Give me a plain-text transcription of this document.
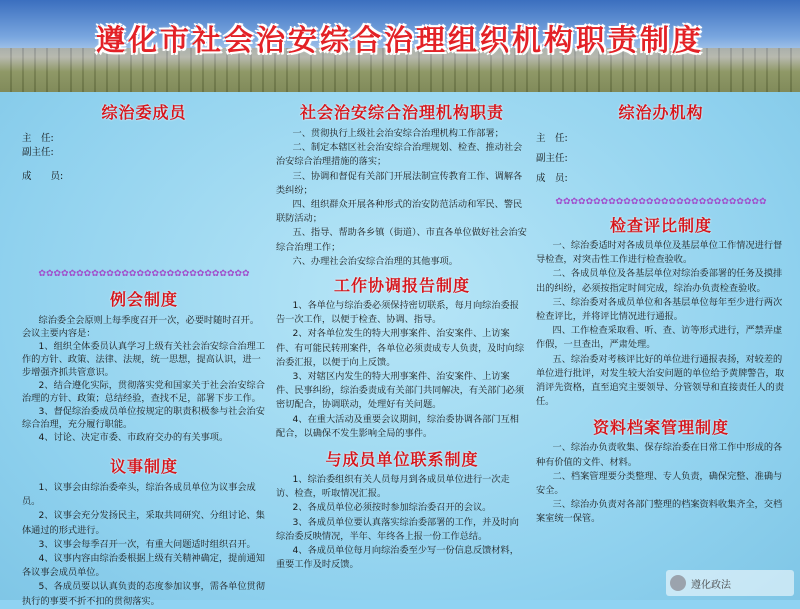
遵化市社会治安综合治理组织机构职责制度

综治委成员

主　任:
副主任:
成　　员:
✿✿✿✿✿✿✿✿✿✿✿✿✿✿✿✿✿✿✿✿✿✿✿✿✿✿✿✿

例会制度

综治委全会原则上每季度召开一次，必要时随时召开。会议主要内容是：

1、组织全体委员认真学习上级有关社会治安综合治理工作的方针、政策、法律、法规，统一思想，提高认识，进一步增强齐抓共管意识。

2、结合遵化实际，贯彻落实党和国家关于社会治安综合治理的方针、政策；总结经验，查找不足，部署下步工作。

3、督促综治委成员单位按规定的职责积极参与社会治安综合治理，充分履行职能。

4、讨论、决定市委、市政府交办的有关事项。

议事制度

1、议事会由综治委牵头，综治各成员单位为议事会成员。

2、议事会充分发扬民主，采取共同研究、分组讨论、集体通过的形式进行。

3、议事会每季召开一次，有重大问题适时组织召开。

4、议事内容由综治委根据上级有关精神确定，提前通知各议事会成员单位。

5、各成员要以认真负责的态度参加议事，需各单位贯彻执行的事要不折不扣的贯彻落实。

社会治安综合治理机构职责

一、贯彻执行上级社会治安综合治理机构工作部署；

二、制定本辖区社会治安综合治理规划、检查、推动社会治安综合治理措施的落实；

三、协调和督促有关部门开展法制宣传教育工作、调解各类纠纷；

四、组织群众开展各种形式的治安防范活动和军民、警民联防活动；

五、指导、帮助各乡镇（街道）、市直各单位做好社会治安综合治理工作；

六、办理社会治安综合治理的其他事项。

工作协调报告制度

1、各单位与综治委必须保持密切联系，每月向综治委报告一次工作，以便于检查、协调、指导。

2、对各单位发生的特大刑事案件、治安案件、上访案件、有可能民转刑案件，各单位必须责成专人负责，及时向综治委汇报，以便于向上反馈。

3、对辖区内发生的特大刑事案件、治安案件、上访案件、民事纠纷，综治委责成有关部门共同解决，有关部门必须密切配合，协调联动，处理好有关问题。

4、在重大活动及重要会议期间，综治委协调各部门互相配合，以确保不发生影响全局的事件。

与成员单位联系制度

1、综治委组织有关人员每月到各成员单位进行一次走访、检查，听取情况汇报。

2、各成员单位必须按时参加综治委召开的会议。

3、各成员单位要认真落实综治委部署的工作，并及时向综治委反映情况，半年、年终各上报一份工作总结。

4、各成员单位每月向综治委至少写一份信息反馈材料，重要工作及时反馈。

综治办机构

主　任:
副主任:
成　员:
✿✿✿✿✿✿✿✿✿✿✿✿✿✿✿✿✿✿✿✿✿✿✿✿✿✿✿✿

检查评比制度

一、综治委适时对各成员单位及基层单位工作情况进行督导检查，对突击性工作进行检查验收。

二、各成员单位及各基层单位对综治委部署的任务及摸排出的纠纷，必须按指定时间完成，综治办负责检查验收。

三、综治委对各成员单位和各基层单位每年至少进行两次检查评比，并将评比情况进行通报。

四、工作检查采取看、听、查、访等形式进行，严禁弄虚作假，一旦查出，严肃处理。

五、综治委对考核评比好的单位进行通报表扬，对较差的单位进行批评，对发生较大治安问题的单位给予黄牌警告，取消评先资格，直至追究主要领导、分管领导和直接责任人的责任。

资料档案管理制度

一、综治办负责收集、保存综治委在日常工作中形成的各种有价值的文件、材料。

二、档案管理要分类整理、专人负责，确保完整、准确与安全。

三、综治办负责对各部门整理的档案资料收集齐全，交档案室统一保管。

遵化政法
